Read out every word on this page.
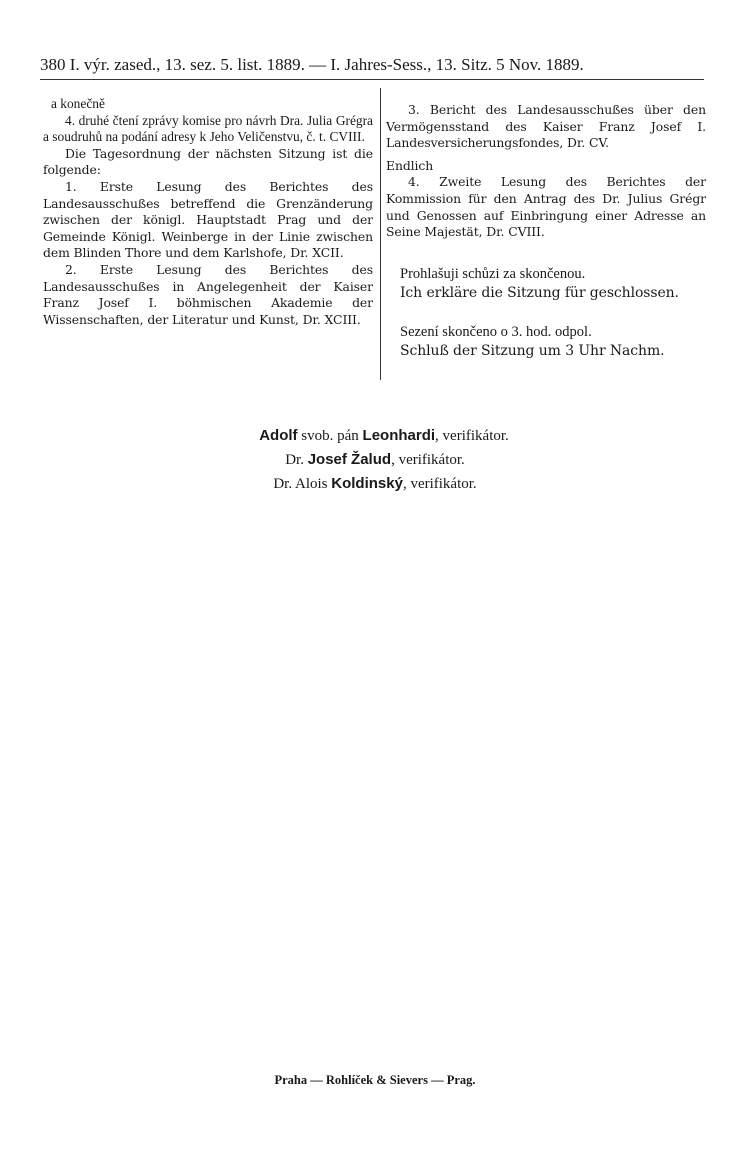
380 I. výr. zased., 13. sez. 5. list. 1889. — I. Jahres-Sess., 13. Sitz. 5 Nov. 1889.

a konečně

4. druhé čtení zprávy komise pro návrh Dra. Julia Grégra a soudruhů na podání adresy k Jeho Veličenstvu, č. t. CVIII.

Die Tagesordnung der nächsten Sitzung ist die folgende:

1. Erste Lesung des Berichtes des Landesausschußes betreffend die Grenzänderung zwischen der königl. Hauptstadt Prag und der Gemeinde Königl. Weinberge in der Linie zwischen dem Blinden Thore und dem Karlshofe, Dr. XCII.

2. Erste Lesung des Berichtes des Landesausschußes in Angelegenheit der Kaiser Franz Josef I. böhmischen Akademie der Wissenschaften, der Literatur und Kunst, Dr. XCIII.

3. Bericht des Landesausschußes über den Vermögensstand des Kaiser Franz Josef I. Landesversicherungsfondes, Dr. CV.

Endlich

4. Zweite Lesung des Berichtes der Kommission für den Antrag des Dr. Julius Grégr und Genossen auf Einbringung einer Adresse an Seine Majestät, Dr. CVIII.

Prohlašuji schůzi za skončenou.

Ich erkläre die Sitzung für geschlossen.

Sezení skončeno o 3. hod. odpol.

Schluß der Sitzung um 3 Uhr Nachm.

Adolf svob. pán Leonhardi, verifikátor.
Dr. Josef Žalud, verifikátor.
Dr. Alois Koldinský, verifikátor.
Praha — Rohlíček & Sievers — Prag.
